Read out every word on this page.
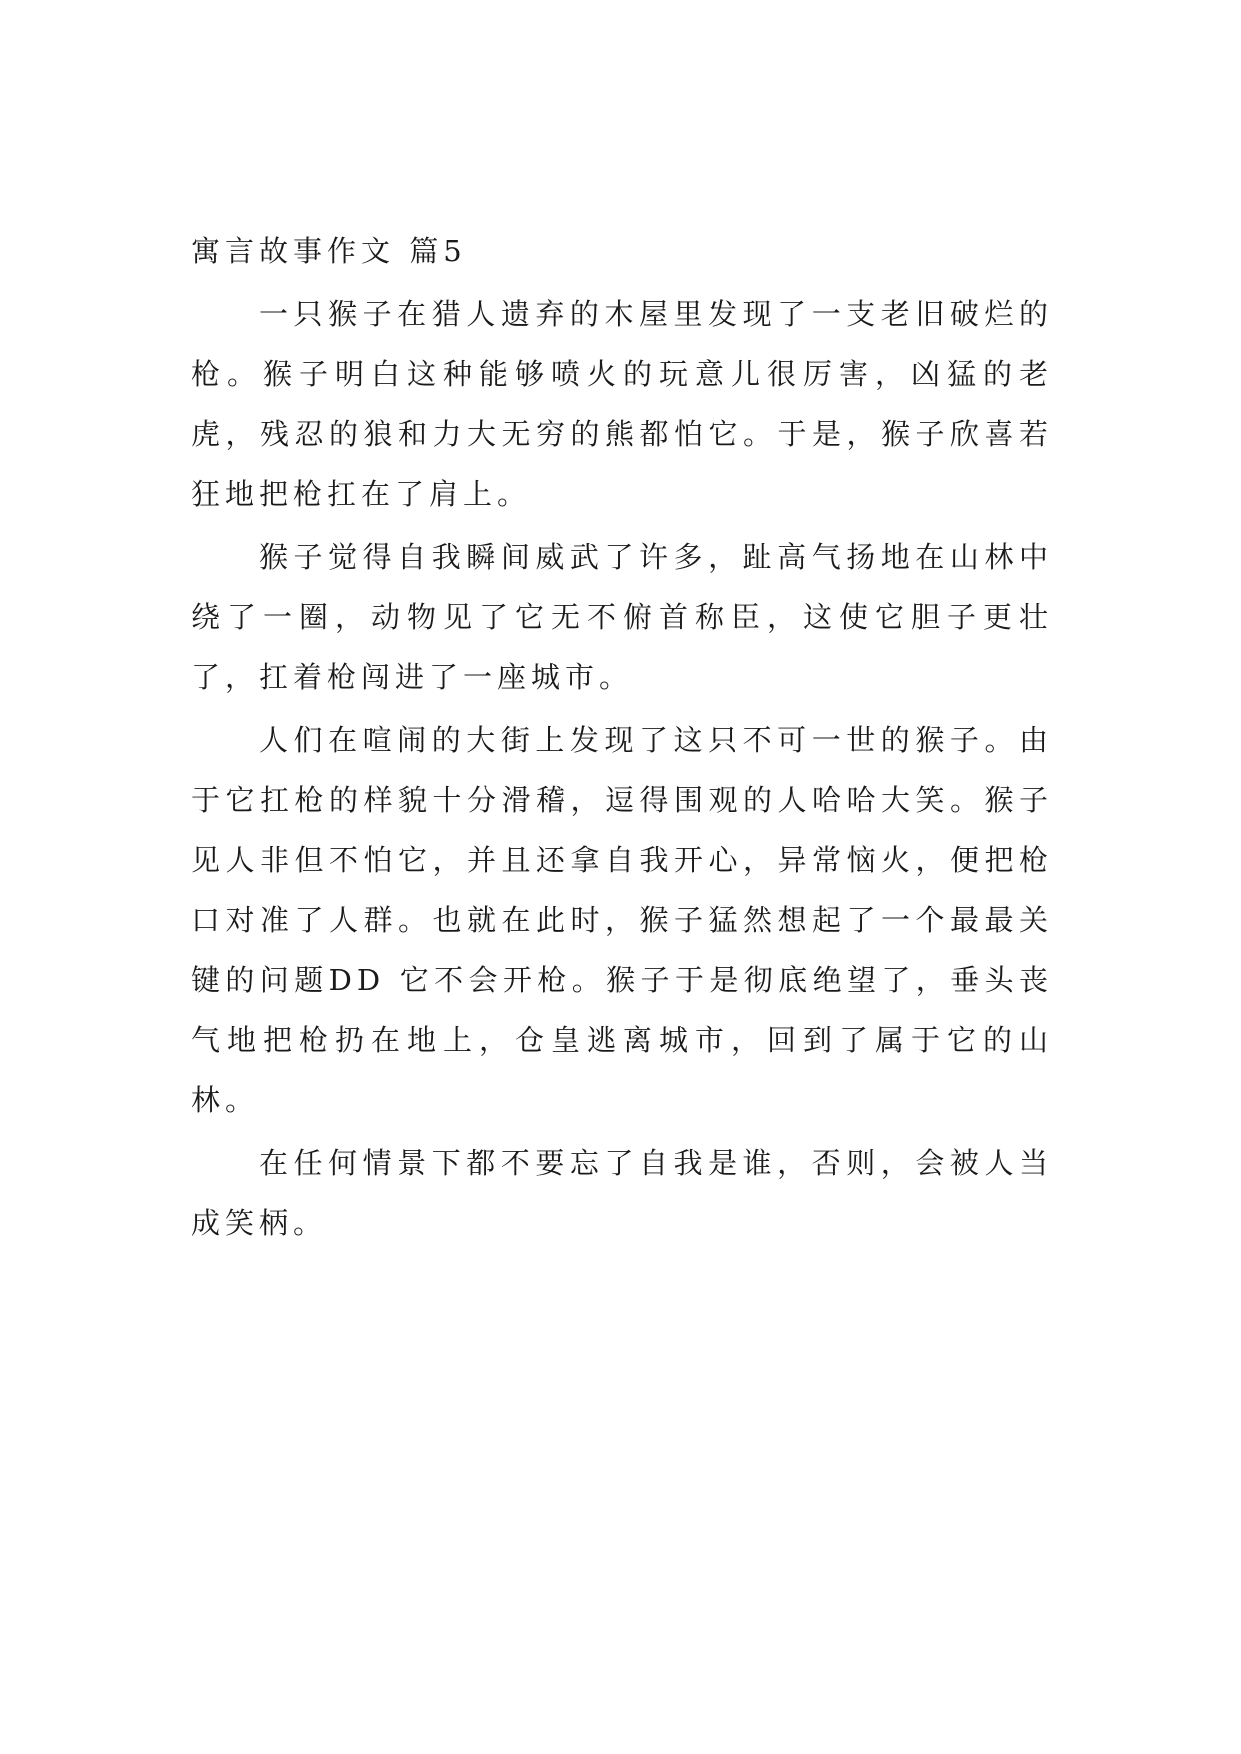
寓言故事作文 篇5

一只猴子在猎人遗弃的木屋里发现了一支老旧破烂的枪。猴子明白这种能够喷火的玩意儿很厉害，凶猛的老虎，残忍的狼和力大无穷的熊都怕它。于是，猴子欣喜若狂地把枪扛在了肩上。

猴子觉得自我瞬间威武了许多，趾高气扬地在山林中绕了一圈，动物见了它无不俯首称臣，这使它胆子更壮了，扛着枪闯进了一座城市。

人们在喧闹的大街上发现了这只不可一世的猴子。由于它扛枪的样貌十分滑稽，逗得围观的人哈哈大笑。猴子见人非但不怕它，并且还拿自我开心，异常恼火，便把枪口对准了人群。也就在此时，猴子猛然想起了一个最最关键的问题DD 它不会开枪。猴子于是彻底绝望了，垂头丧气地把枪扔在地上，仓皇逃离城市，回到了属于它的山林。

在任何情景下都不要忘了自我是谁，否则，会被人当成笑柄。
